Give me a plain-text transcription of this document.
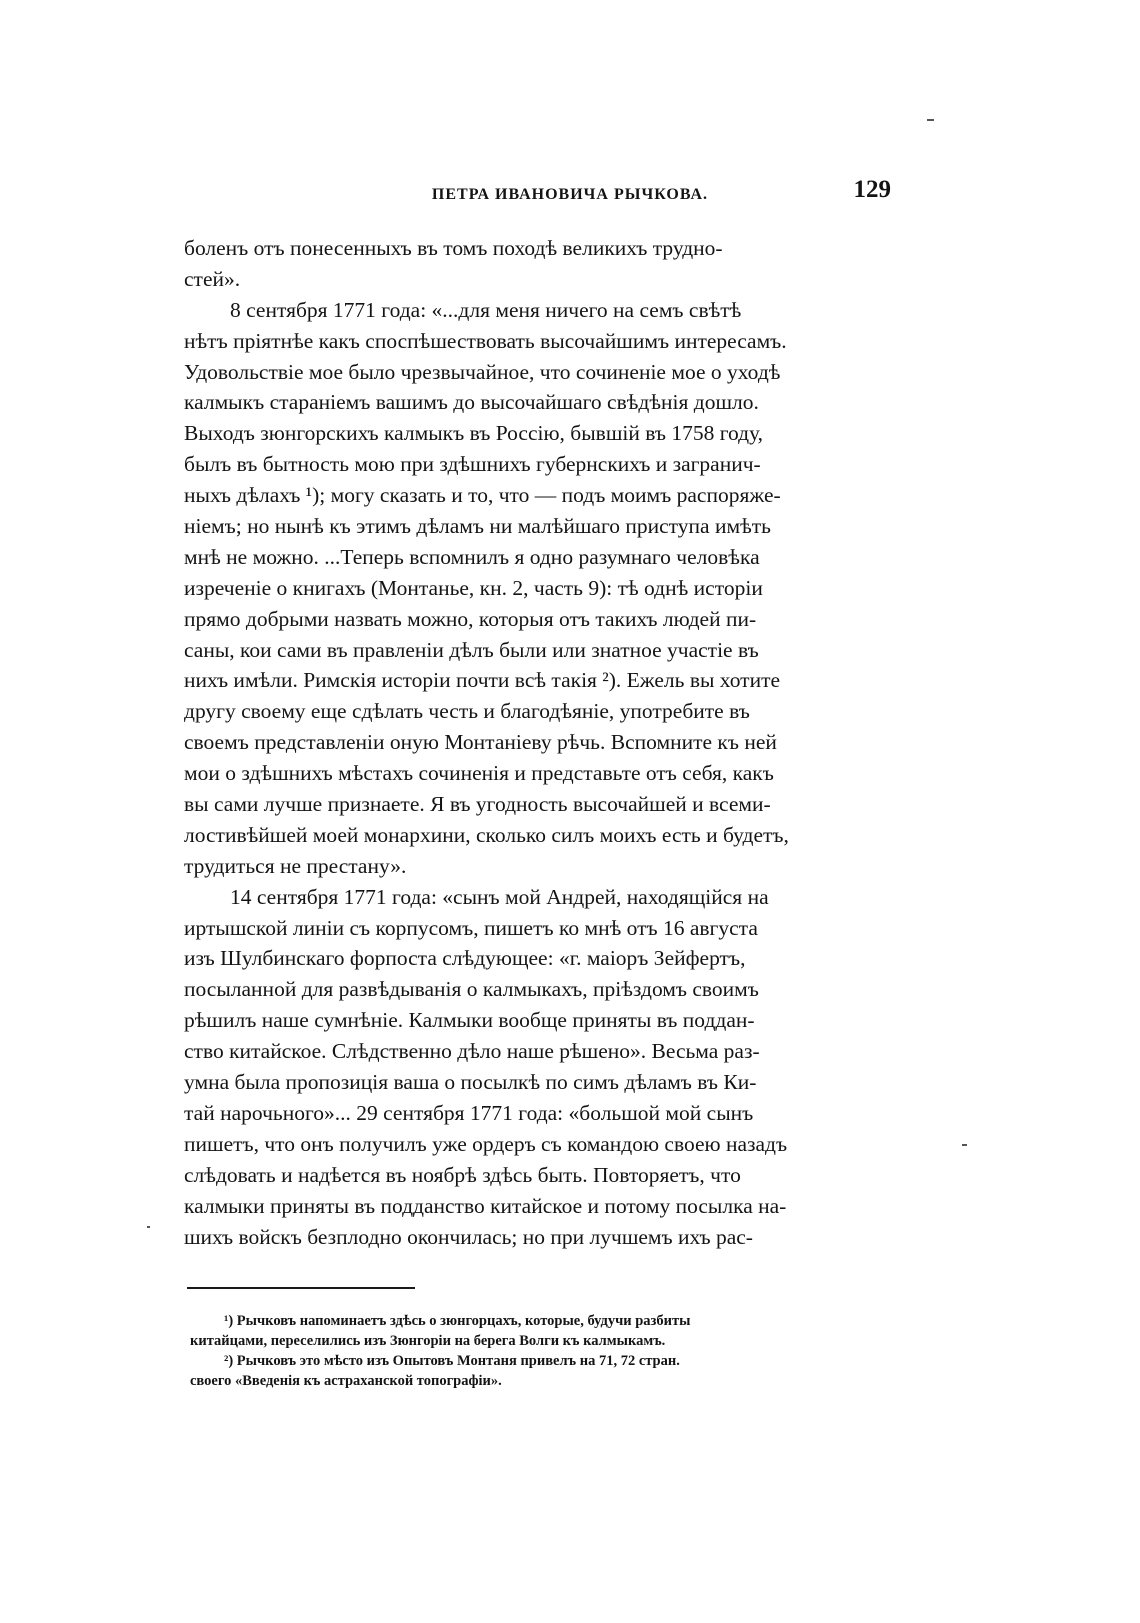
ПЕТРА ИВАНОВИЧА РЫЧКОВА.	129
боленъ отъ понесенныхъ въ томъ походѣ великихъ трудно-
стей».
8 сентября 1771 года: «...для меня ничего на семъ свѣтѣ
нѣтъ пріятнѣе какъ споспѣшествовать высочайшимъ интересамъ.
Удовольствіе мое было чрезвычайное, что сочиненіе мое о уходѣ
калмыкъ стараніемъ вашимъ до высочайшаго свѣдѣнія дошло.
Выходъ зюнгорскихъ калмыкъ въ Россію, бывшій въ 1758 году,
былъ въ бытность мою при здѣшнихъ губернскихъ и загранич-
ныхъ дѣлахъ ¹); могу сказать и то, что — подъ моимъ распоряже-
ніемъ; но нынѣ къ этимъ дѣламъ ни малѣйшаго приступа имѣть
мнѣ не можно. ...Теперь вспомнилъ я одно разумнаго человѣка
изреченіе о книгахъ (Монтанье, кн. 2, часть 9): тѣ однѣ исторіи
прямо добрыми назвать можно, которыя отъ такихъ людей пи-
саны, кои сами въ правленіи дѣлъ были или знатное участіе въ
нихъ имѣли. Римскія исторіи почти всѣ такія ²). Ежель вы хотите
другу своему еще сдѣлать честь и благодѣяніе, употребите въ
своемъ представленіи оную Монтаніеву рѣчь. Вспомните къ ней
мои о здѣшнихъ мѣстахъ сочиненія и представьте отъ себя, какъ
вы сами лучше признаете. Я въ угодность высочайшей и всеми-
лостивѣйшей моей монархини, сколько силъ моихъ есть и будетъ,
трудиться не престану».
14 сентября 1771 года: «сынъ мой Андрей, находящійся на
иртышской линіи съ корпусомъ, пишетъ ко мнѣ отъ 16 августа
изъ Шулбинскаго форпоста слѣдующее: «г. маіоръ Зейфертъ,
посыланной для развѣдыванія о калмыкахъ, пріѣздомъ своимъ
рѣшилъ наше сумнѣніе. Калмыки вообще приняты въ поддан-
ство китайское. Слѣдственно дѣло наше рѣшено». Весьма раз-
умна была пропозиція ваша о посылкѣ по симъ дѣламъ въ Ки-
тай нарочьного»... 29 сентября 1771 года: «большой мой сынъ
пишетъ, что онъ получилъ уже ордеръ съ командою своею назадъ
слѣдовать и надѣется въ ноябрѣ здѣсь быть. Повторяетъ, что
калмыки приняты въ подданство китайское и потому посылка на-
шихъ войскъ безплодно окончилась; но при лучшемъ ихъ рас-
¹) Рычковъ напоминаетъ здѣсь о зюнгорцахъ, которые, будучи разбиты
китайцами, переселились изъ Зюнгоріи на берега Волги къ калмыкамъ.
²) Рычковъ это мѣсто изъ Опытовъ Монтаня привелъ на 71, 72 стран.
своего «Введенія къ астраханской топографіи».
